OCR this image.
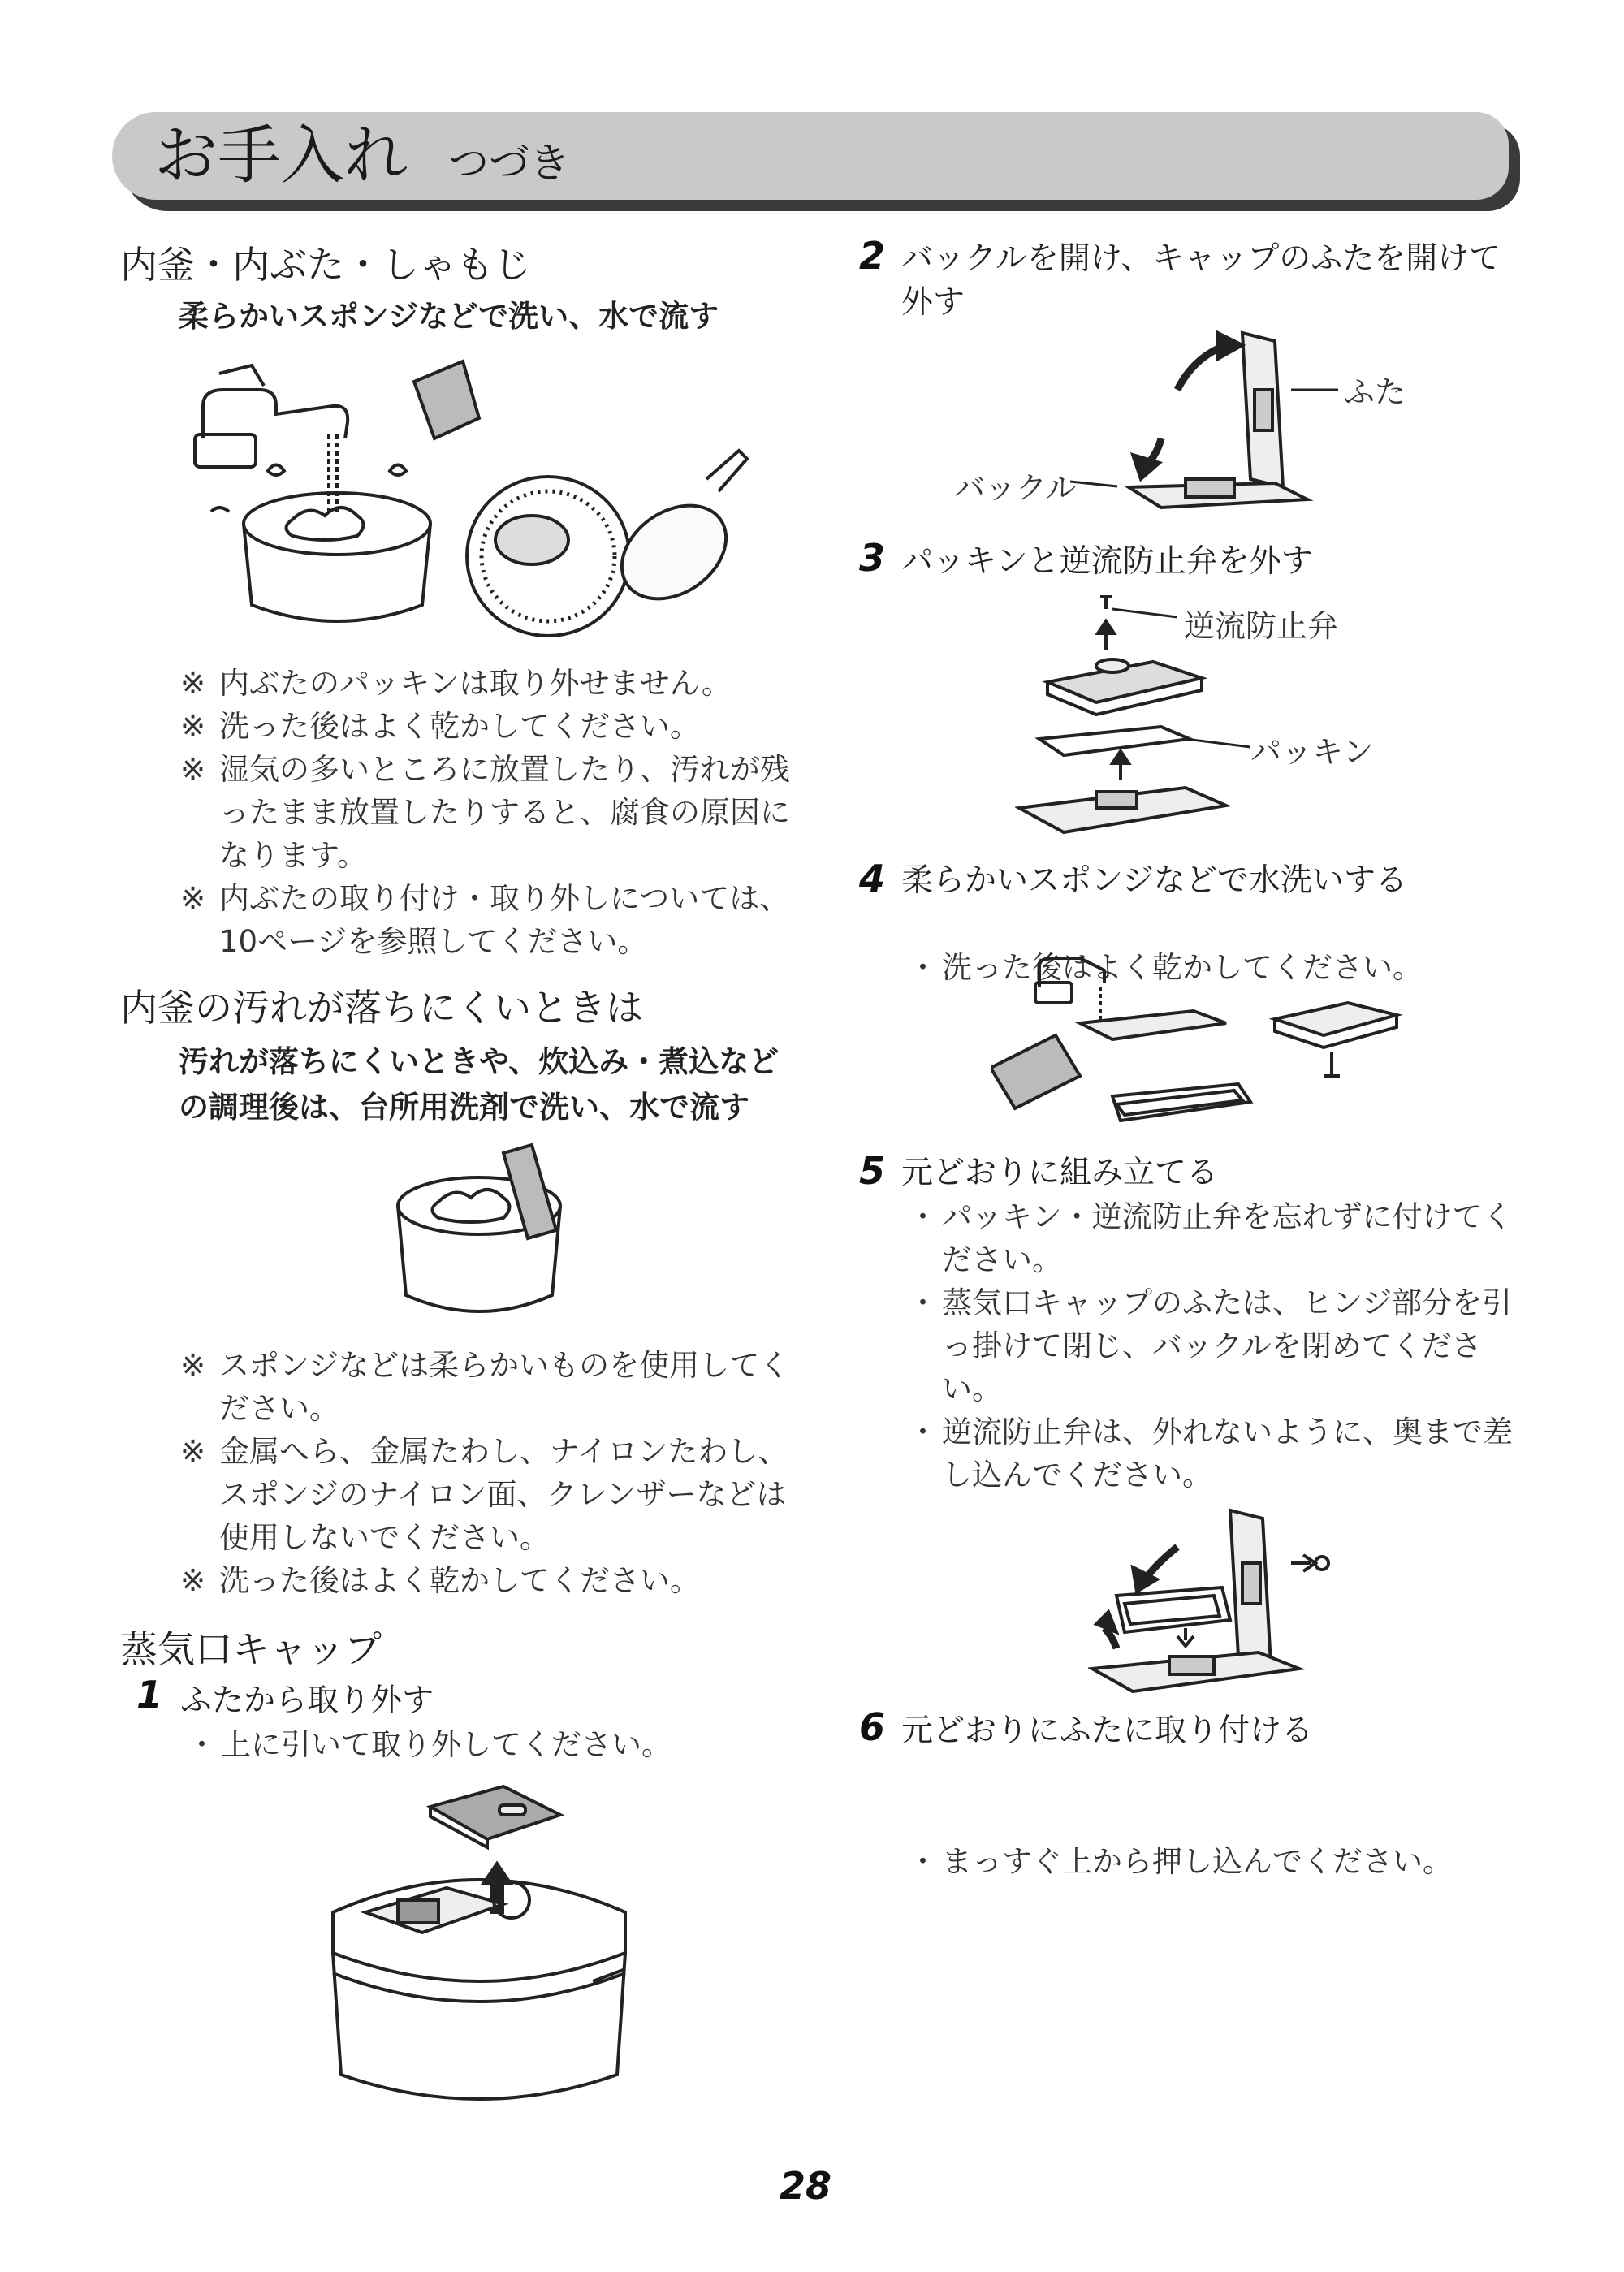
お手入れ つづき
内釜・内ぶた・しゃもじ
柔らかいスポンジなどで洗い、水で流す
※ 内ぶたのパッキンは取り外せません。
※ 洗った後はよく乾かしてください。
※ 湿気の多いところに放置したり、汚れが残ったまま放置したりすると、腐食の原因になります。
※ 内ぶたの取り付け・取り外しについては、10ページを参照してください。
内釜の汚れが落ちにくいときは
汚れが落ちにくいときや、炊込み・煮込などの調理後は、台所用洗剤で洗い、水で流す
※ スポンジなどは柔らかいものを使用してください。
※ 金属へら、金属たわし、ナイロンたわし、スポンジのナイロン面、クレンザーなどは使用しないでください。
※ 洗った後はよく乾かしてください。
蒸気口キャップ
1 ふたから取り外す
・ 上に引いて取り外してください。
2 バックルを開け、キャップのふたを開けて外す
ふた
バックル
3 パッキンと逆流防止弁を外す
逆流防止弁
パッキン
4 柔らかいスポンジなどで水洗いする
・ 洗った後はよく乾かしてください。
5 元どおりに組み立てる
・ パッキン・逆流防止弁を忘れずに付けてください。
・ 蒸気口キャップのふたは、ヒンジ部分を引っ掛けて閉じ、バックルを閉めてください。
・ 逆流防止弁は、外れないように、奥まで差し込んでください。
6 元どおりにふたに取り付ける
・ まっすぐ上から押し込んでください。
28
